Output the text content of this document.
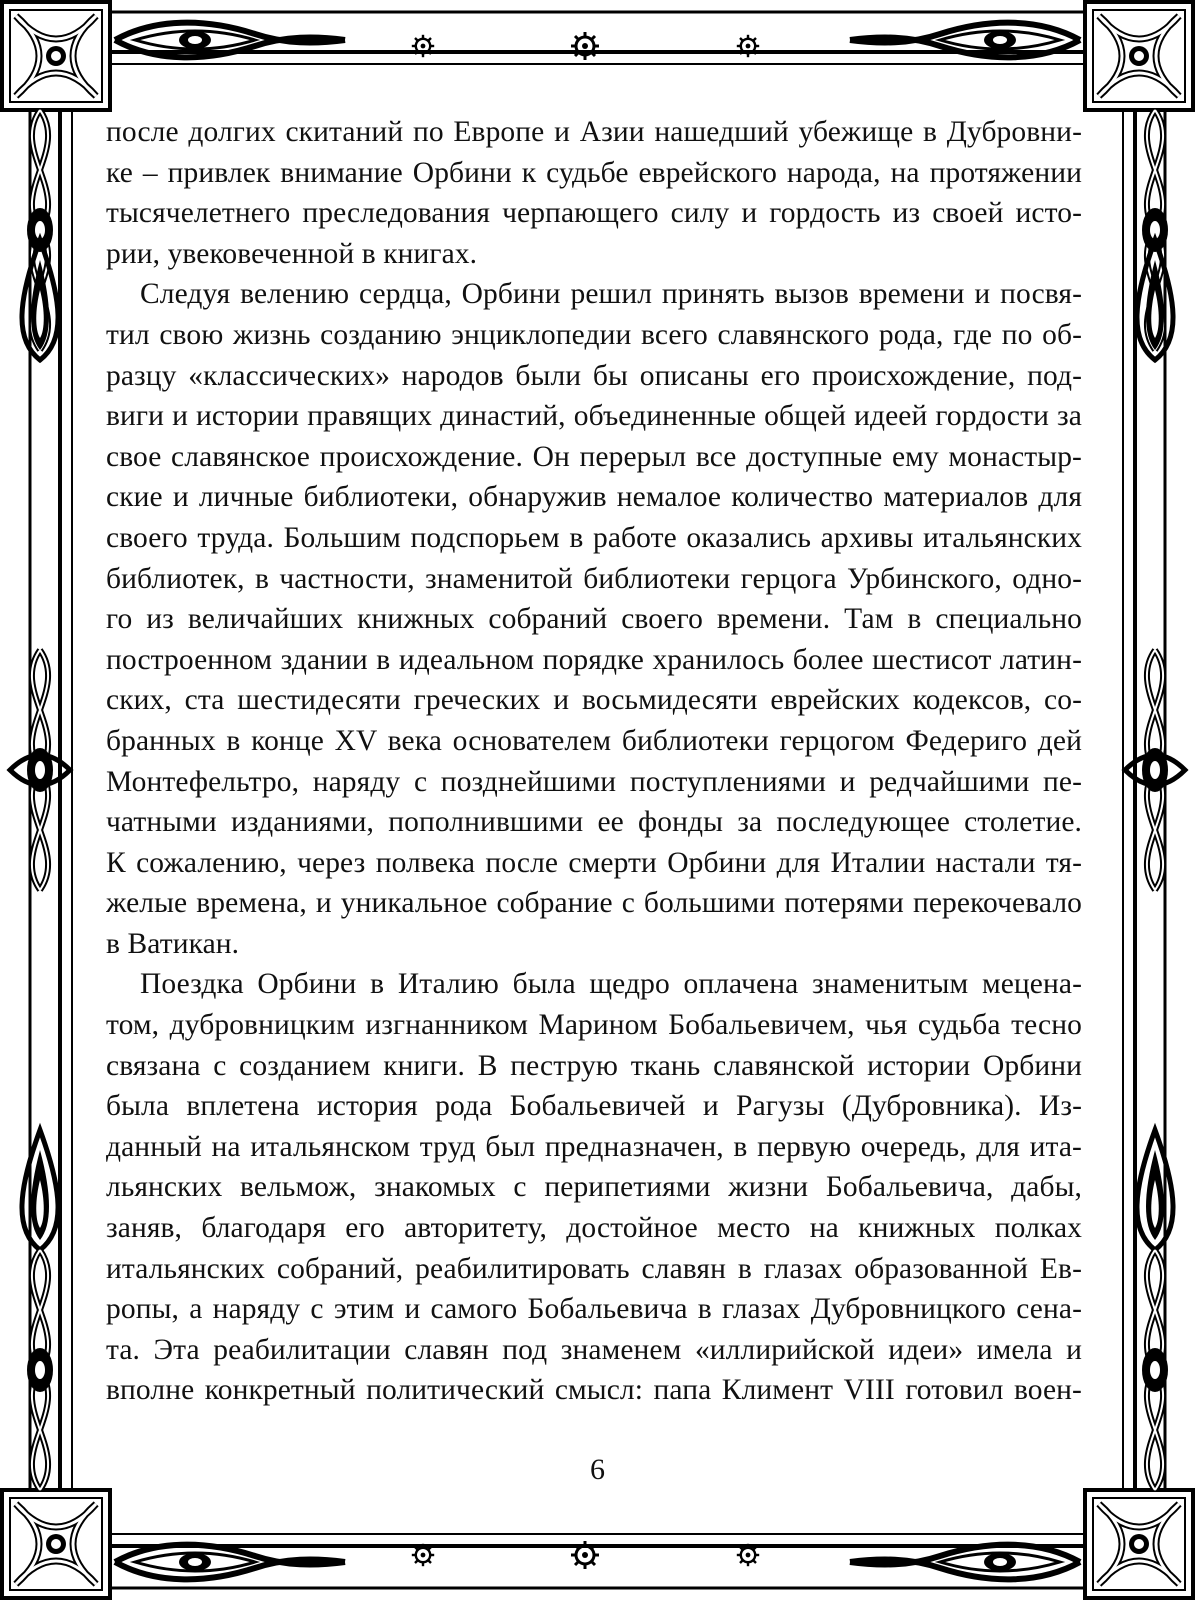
после долгих скитаний по Европе и Азии нашедший убежище в Дубровни-
ке – привлек внимание Орбини к судьбе еврейского народа, на протяжении
тысячелетнего преследования черпающего силу и гордость из своей исто-
рии, увековеченной в книгах.
Следуя велению сердца, Орбини решил принять вызов времени и посвя-
тил свою жизнь созданию энциклопедии всего славянского рода, где по об-
разцу «классических» народов были бы описаны его происхождение, под-
виги и истории правящих династий, объединенные общей идеей гордости за
свое славянское происхождение. Он перерыл все доступные ему монастыр-
ские и личные библиотеки, обнаружив немалое количество материалов для
своего труда. Большим подспорьем в работе оказались архивы итальянских
библиотек, в частности, знаменитой библиотеки герцога Урбинского, одно-
го из величайших книжных собраний своего времени. Там в специально
построенном здании в идеальном порядке хранилось более шестисот латин-
ских, ста шестидесяти греческих и восьмидесяти еврейских кодексов, со-
бранных в конце XV века основателем библиотеки герцогом Федериго дей
Монтефельтро, наряду с позднейшими поступлениями и редчайшими пе-
чатными изданиями, пополнившими ее фонды за последующее столетие.
К сожалению, через полвека после смерти Орбини для Италии настали тя-
желые времена, и уникальное собрание с большими потерями перекочевало
в Ватикан.
Поездка Орбини в Италию была щедро оплачена знаменитым мецена-
том, дубровницким изгнанником Марином Бобальевичем, чья судьба тесно
связана с созданием книги. В пеструю ткань славянской истории Орбини
была вплетена история рода Бобальевичей и Рагузы (Дубровника). Из-
данный на итальянском труд был предназначен, в первую очередь, для ита-
льянских вельмож, знакомых с перипетиями жизни Бобальевича, дабы,
заняв, благодаря его авторитету, достойное место на книжных полках
итальянских собраний, реабилитировать славян в глазах образованной Ев-
ропы, а наряду с этим и самого Бобальевича в глазах Дубровницкого сена-
та. Эта реабилитации славян под знаменем «иллирийской идеи» имела и
вполне конкретный политический смысл: папа Климент VIII готовил воен-
6
